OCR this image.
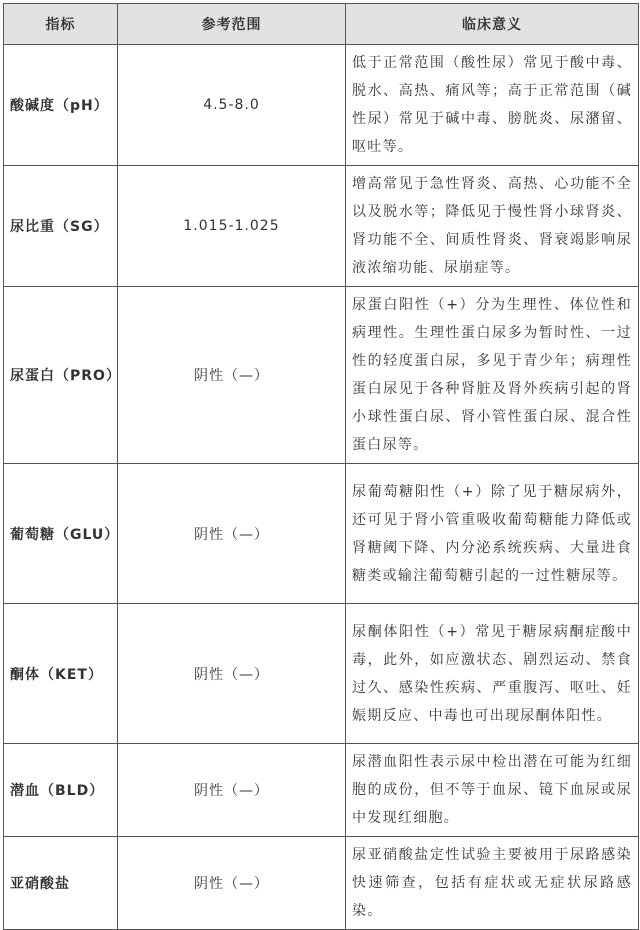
指标	参考范围	临床意义
酸碱度（pH）	4.5-8.0	低于正常范围（酸性尿）常见于酸中毒、脱水、高热、痛风等；高于正常范围（碱性尿）常见于碱中毒、膀胱炎、尿潴留、呕吐等。
尿比重（SG）	1.015-1.025	增高常见于急性肾炎、高热、心功能不全以及脱水等；降低见于慢性肾小球肾炎、肾功能不全、间质性肾炎、肾衰竭影响尿液浓缩功能、尿崩症等。
尿蛋白（PRO）	阴性（—）	尿蛋白阳性（+）分为生理性、体位性和病理性。生理性蛋白尿多为暂时性、一过性的轻度蛋白尿，多见于青少年；病理性蛋白尿见于各种肾脏及肾外疾病引起的肾小球性蛋白尿、肾小管性蛋白尿、混合性蛋白尿等。
葡萄糖（GLU）	阴性（—）	尿葡萄糖阳性（+）除了见于糖尿病外，还可见于肾小管重吸收葡萄糖能力降低或肾糖阈下降、内分泌系统疾病、大量进食糖类或输注葡萄糖引起的一过性糖尿等。
酮体（KET）	阴性（—）	尿酮体阳性（+）常见于糖尿病酮症酸中毒，此外，如应激状态、剧烈运动、禁食过久、感染性疾病、严重腹泻、呕吐、妊娠期反应、中毒也可出现尿酮体阳性。
潜血（BLD）	阴性（—）	尿潜血阳性表示尿中检出潜在可能为红细胞的成份，但不等于血尿、镜下血尿或尿中发现红细胞。
亚硝酸盐	阴性（—）	尿亚硝酸盐定性试验主要被用于尿路感染快速筛查，包括有症状或无症状尿路感染。
